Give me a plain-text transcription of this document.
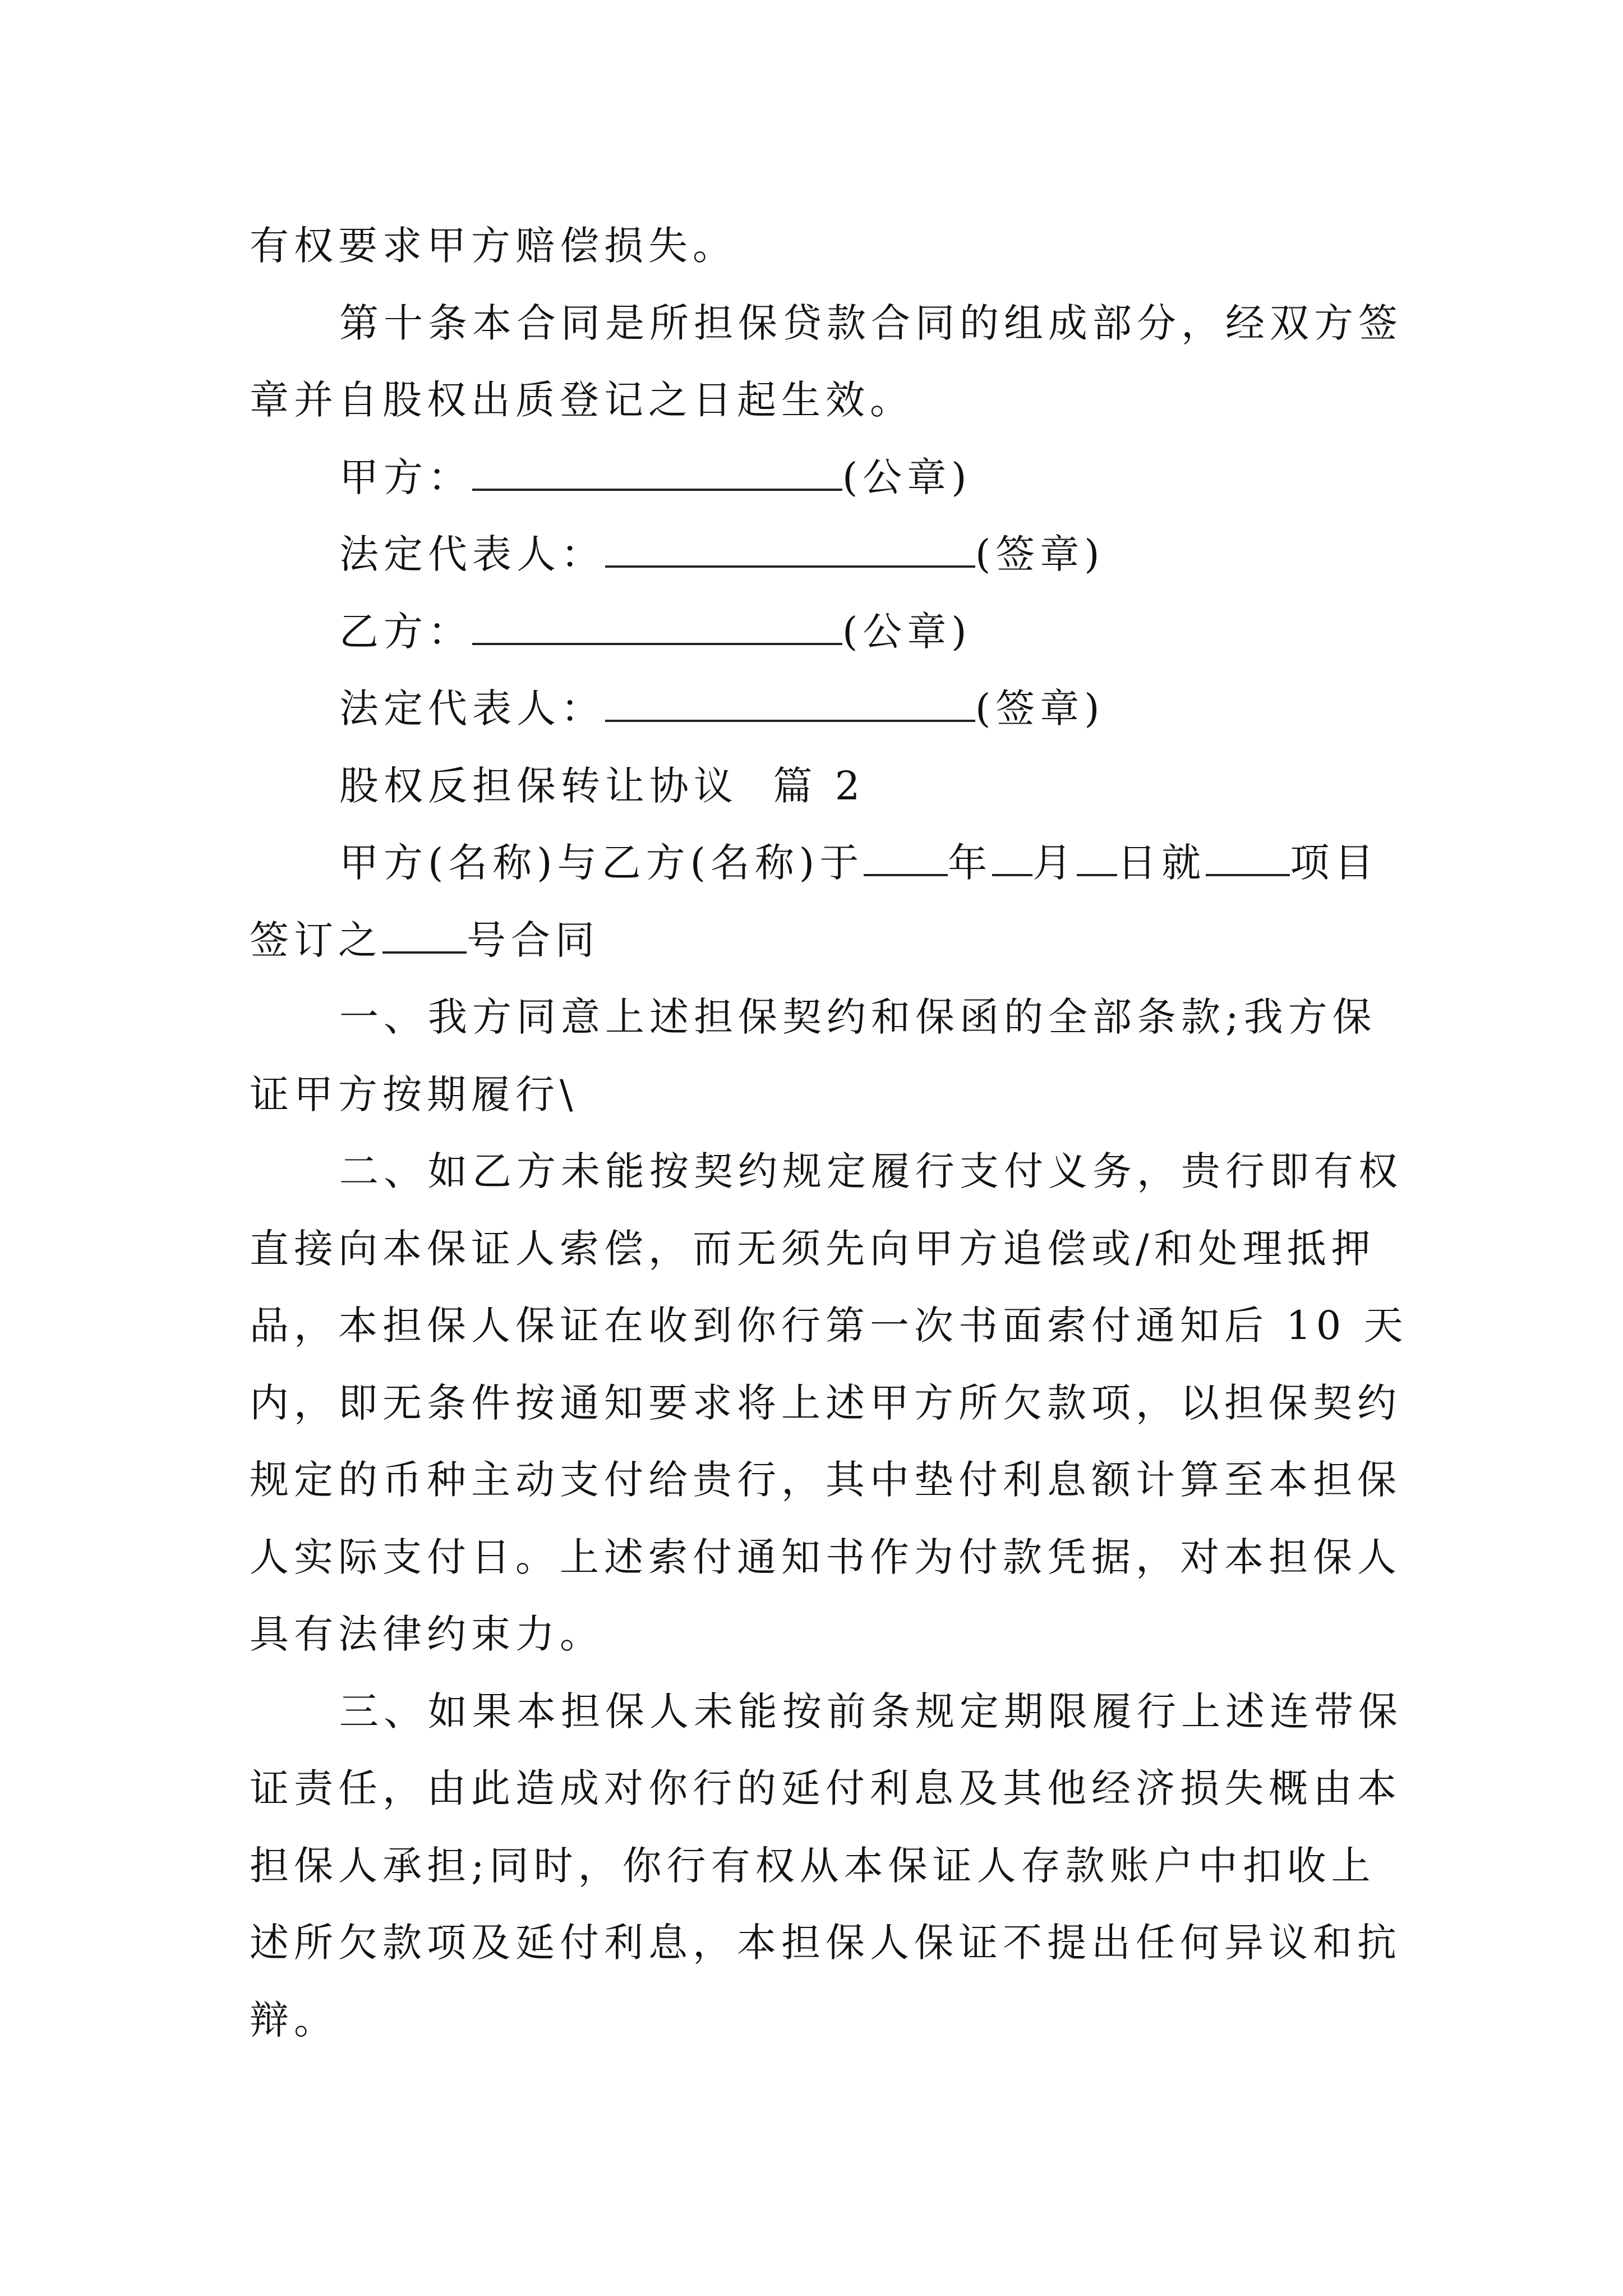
有权要求甲方赔偿损失。
第十条本合同是所担保贷款合同的组成部分，经双方签
章并自股权出质登记之日起生效。
甲方：	(公章)
法定代表人：	(签章)
乙方：	(公章)
法定代表人：	(签章)
股权反担保转让协议  篇 2
甲方(名称)与乙方(名称)于 年 月 日就 项目
签订之 号合同
一、我方同意上述担保契约和保函的全部条款;我方保
证甲方按期履行\
二、如乙方未能按契约规定履行支付义务，贵行即有权
直接向本保证人索偿，而无须先向甲方追偿或/和处理抵押
品，本担保人保证在收到你行第一次书面索付通知后 10 天
内，即无条件按通知要求将上述甲方所欠款项，以担保契约
规定的币种主动支付给贵行，其中垫付利息额计算至本担保
人实际支付日。上述索付通知书作为付款凭据，对本担保人
具有法律约束力。
三、如果本担保人未能按前条规定期限履行上述连带保
证责任，由此造成对你行的延付利息及其他经济损失概由本
担保人承担;同时，你行有权从本保证人存款账户中扣收上
述所欠款项及延付利息，本担保人保证不提出任何异议和抗
辩。
